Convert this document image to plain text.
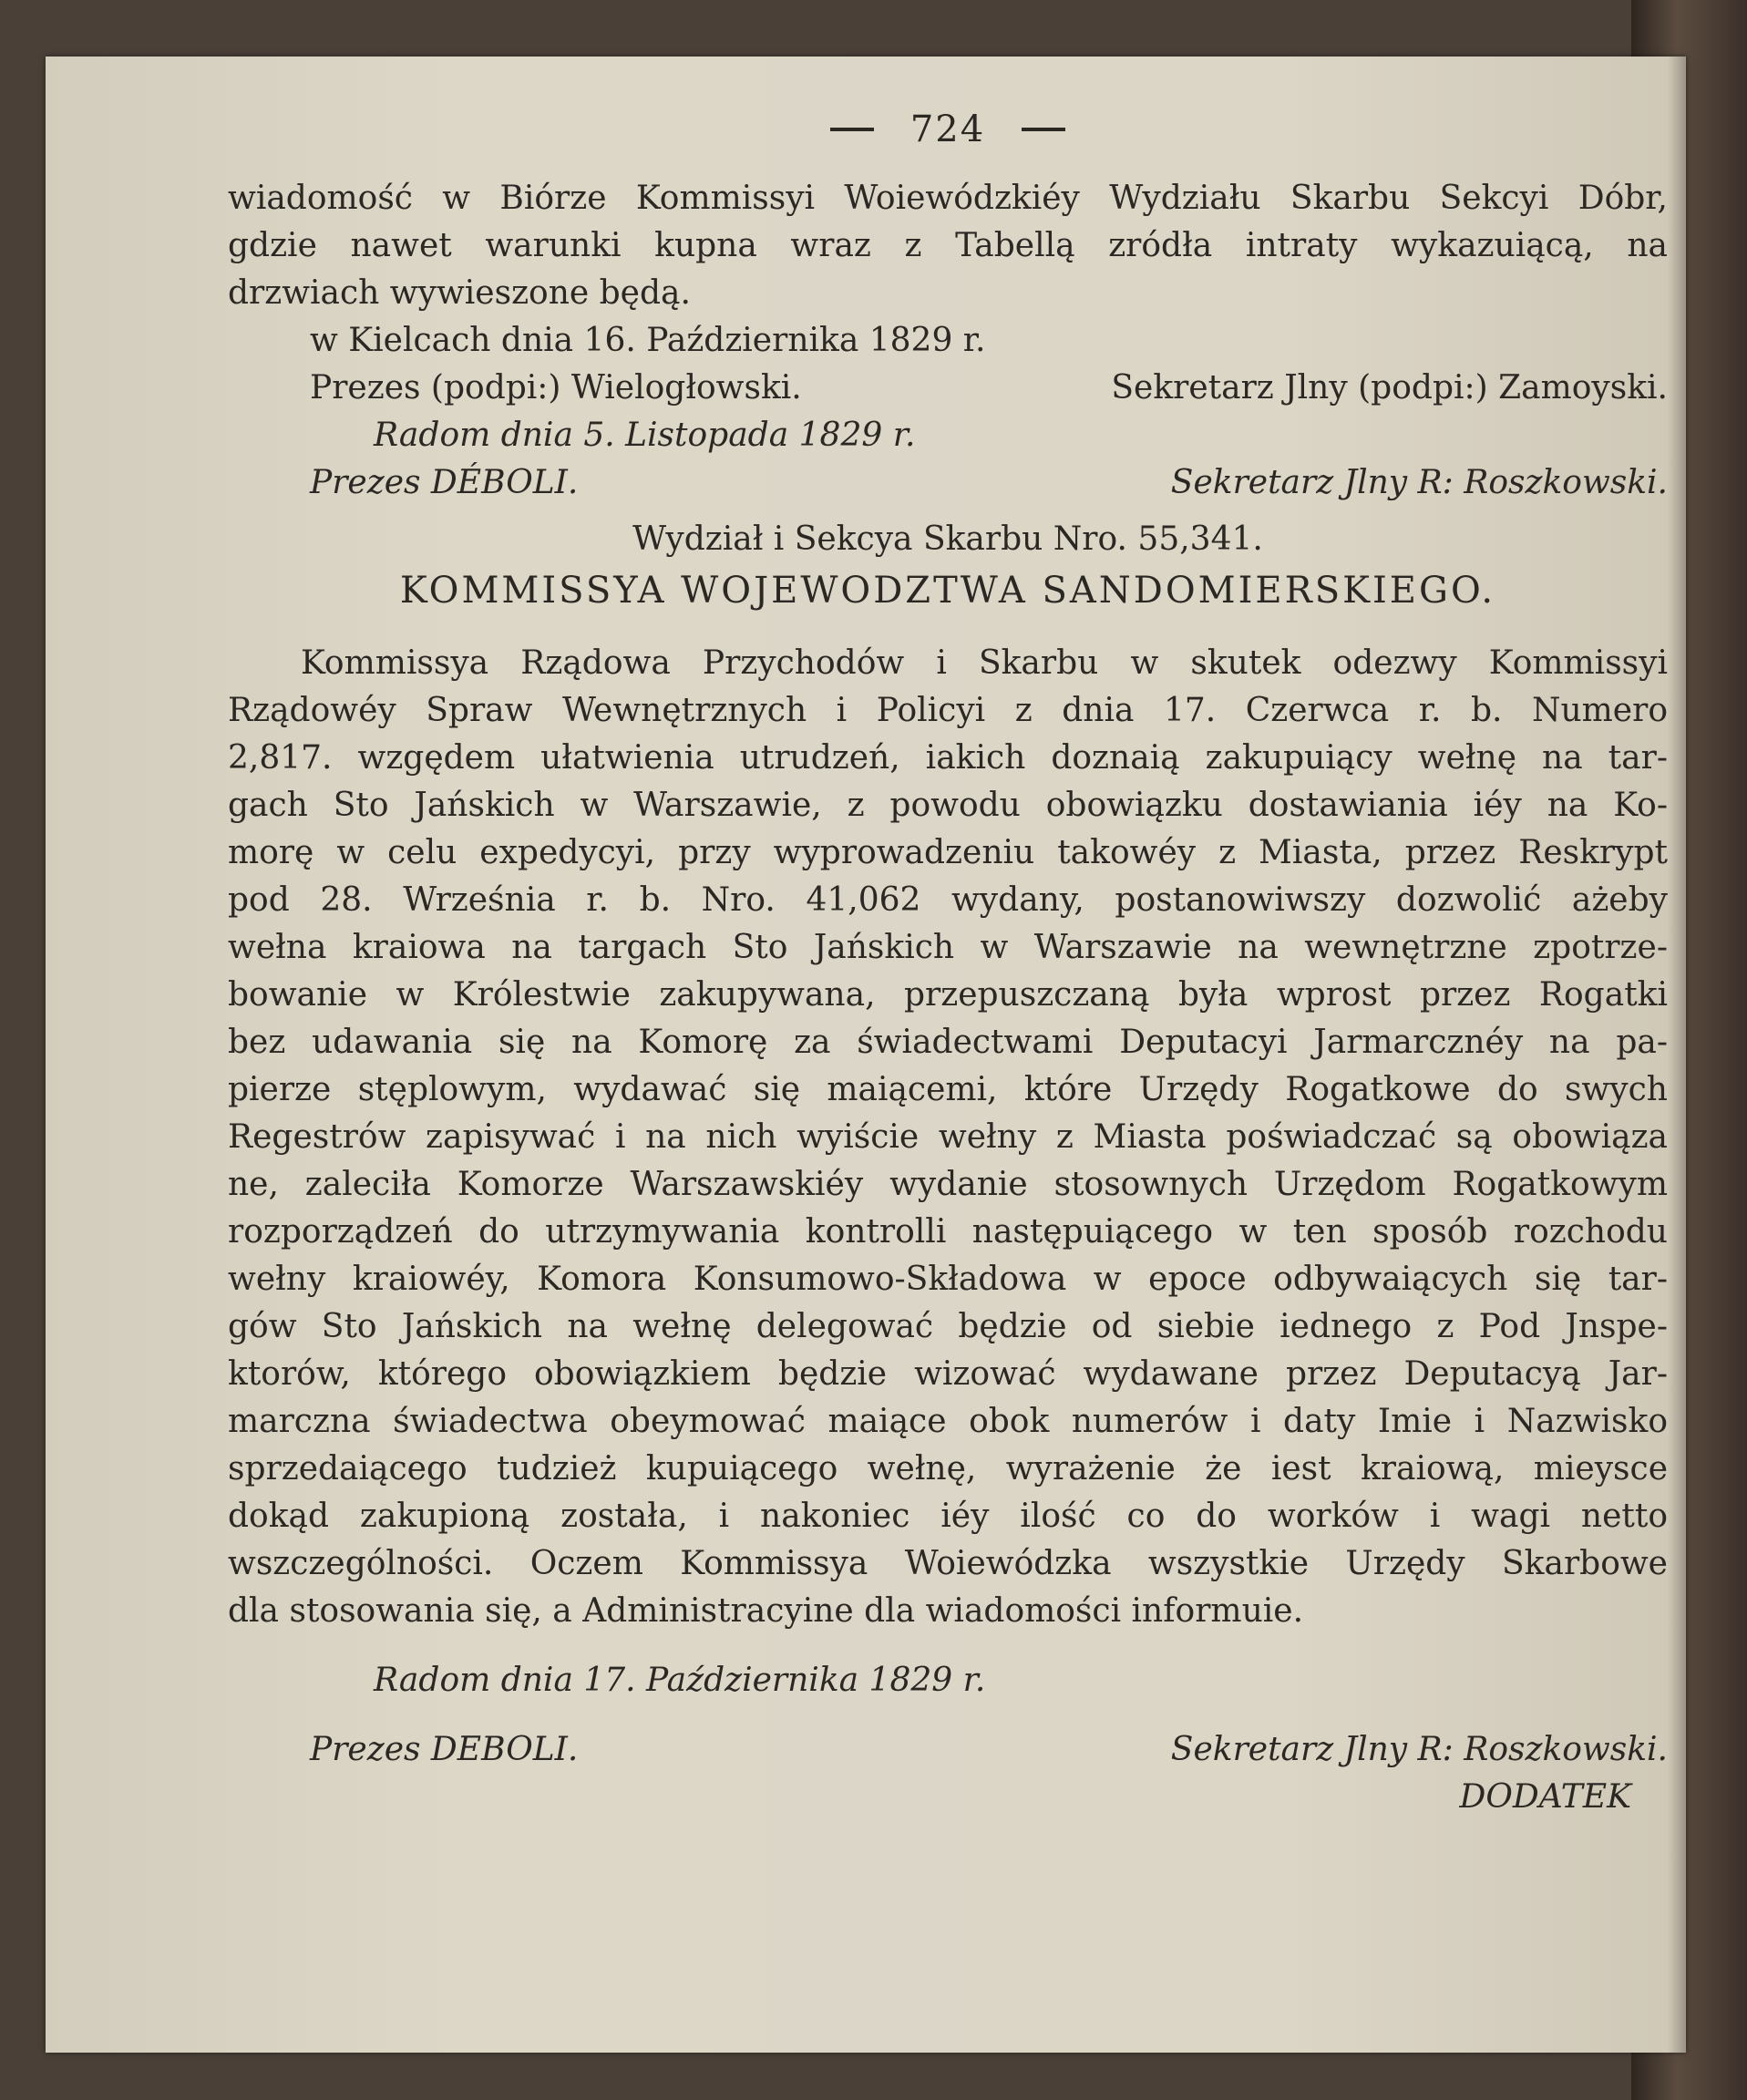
724
wiadomość w Biórze Kommissyi Woiewódzkiéy Wydziału Skarbu Sekcyi Dóbr,
gdzie nawet warunki kupna wraz z Tabellą zródła intraty wykazuiącą, na
drzwiach wywieszone będą.
w Kielcach dnia 16. Października 1829 r.
Prezes (podpi:) Wielogłowski.	Sekretarz Jlny (podpi:) Zamoyski.
Radom dnia 5. Listopada 1829 r.
Prezes DÉBOLI.	Sekretarz Jlny R: Roszkowski.
Wydział i Sekcya Skarbu Nro. 55,341.
KOMMISSYA WOJEWODZTWA SANDOMIERSKIEGO.
Kommissya Rządowa Przychodów i Skarbu w skutek odezwy Kommissyi
Rządowéy Spraw Wewnętrznych i Policyi z dnia 17. Czerwca r. b. Numero
2,817. wzgędem ułatwienia utrudzeń, iakich doznaią zakupuiący wełnę na tar-
gach Sto Jańskich w Warszawie, z powodu obowiązku dostawiania iéy na Ko-
morę w celu expedycyi, przy wyprowadzeniu takowéy z Miasta, przez Reskrypt
pod 28. Września r. b. Nro. 41,062 wydany, postanowiwszy dozwolić ażeby
wełna kraiowa na targach Sto Jańskich w Warszawie na wewnętrzne zpotrze-
bowanie w Królestwie zakupywana, przepuszczaną była wprost przez Rogatki
bez udawania się na Komorę za świadectwami Deputacyi Jarmarcznéy na pa-
pierze stęplowym, wydawać się maiącemi, które Urzędy Rogatkowe do swych
Regestrów zapisywać i na nich wyiście wełny z Miasta poświadczać są obowiąza
ne, zaleciła Komorze Warszawskiéy wydanie stosownych Urzędom Rogatkowym
rozporządzeń do utrzymywania kontrolli następuiącego w ten sposób rozchodu
wełny kraiowéy, Komora Konsumowo-Składowa w epoce odbywaiących się tar-
gów Sto Jańskich na wełnę delegować będzie od siebie iednego z Pod Jnspe-
ktorów, którego obowiązkiem będzie wizować wydawane przez Deputacyą Jar-
marczna świadectwa obeymować maiące obok numerów i daty Imie i Nazwisko
sprzedaiącego tudzież kupuiącego wełnę, wyrażenie że iest kraiową, mieysce
dokąd zakupioną została, i nakoniec iéy ilość co do worków i wagi netto
wszczególności. Oczem Kommissya Woiewódzka wszystkie Urzędy Skarbowe
dla stosowania się, a Administracyine dla wiadomości informuie.
Radom dnia 17. Października 1829 r.
Prezes DEBOLI.	Sekretarz Jlny R: Roszkowski.
DODATEK
